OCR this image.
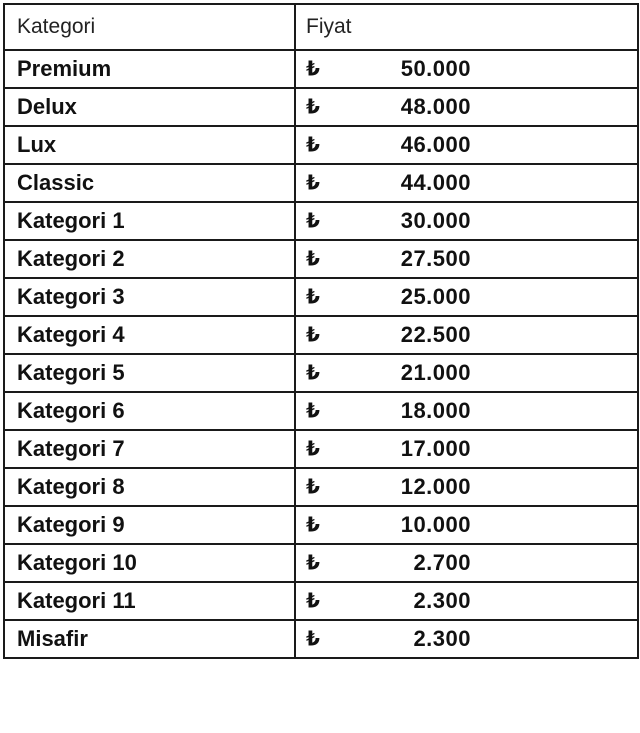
Kategori	Fiyat
Premium	₺ 50.000

Delux	₺ 48.000

Lux	₺ 46.000

Classic	₺ 44.000

Kategori 1	₺ 30.000

Kategori 2	₺ 27.500

Kategori 3	₺ 25.000

Kategori 4	₺ 22.500

Kategori 5	₺ 21.000

Kategori 6	₺ 18.000

Kategori 7	₺ 17.000

Kategori 8	₺ 12.000

Kategori 9	₺ 10.000

Kategori 10	₺ 2.700

Kategori 11	₺ 2.300

Misafir	₺ 2.300
